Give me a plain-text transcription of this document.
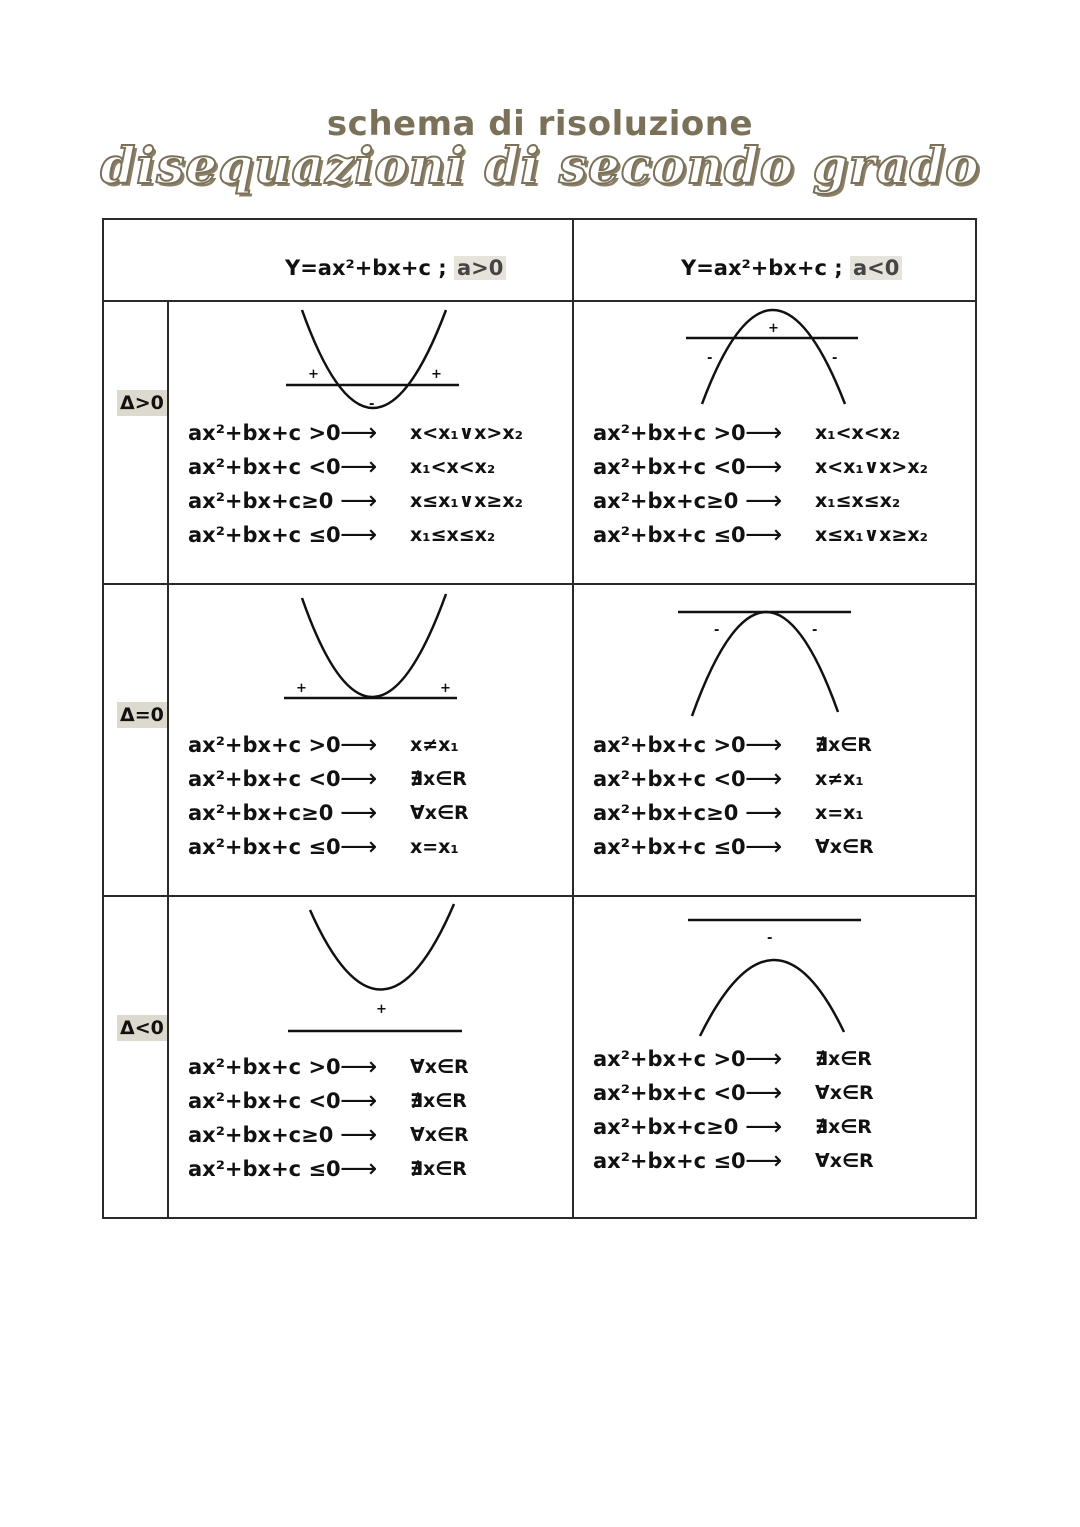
schema di risoluzione
disequazioni di secondo grado
Y=ax²+bx+c ; a>0	Y=ax²+bx+c ; a<0
Δ>0
+	+
-
ax²+bx+c >0 ⟶	x<x₁∨x>x₂
ax²+bx+c <0 ⟶	x₁<x<x₂
ax²+bx+c≥0 ⟶	x≤x₁∨x≥x₂
ax²+bx+c ≤0 ⟶	x₁≤x≤x₂
+
-	-
ax²+bx+c >0 ⟶	x₁<x<x₂
ax²+bx+c <0 ⟶	x<x₁∨x>x₂
ax²+bx+c≥0 ⟶	x₁≤x≤x₂
ax²+bx+c ≤0 ⟶	x≤x₁∨x≥x₂
Δ=0
+	+
ax²+bx+c >0 ⟶	x≠x₁
ax²+bx+c <0 ⟶	∄x∈R
ax²+bx+c≥0 ⟶	∀x∈R
ax²+bx+c ≤0 ⟶	x=x₁
-	-
ax²+bx+c >0 ⟶	∄x∈R
ax²+bx+c <0 ⟶	x≠x₁
ax²+bx+c≥0 ⟶	x=x₁
ax²+bx+c ≤0 ⟶	∀x∈R
Δ<0
+
ax²+bx+c >0 ⟶	∀x∈R
ax²+bx+c <0 ⟶	∄x∈R
ax²+bx+c≥0 ⟶	∀x∈R
ax²+bx+c ≤0 ⟶	∄x∈R
-
ax²+bx+c >0 ⟶	∄x∈R
ax²+bx+c <0 ⟶	∀x∈R
ax²+bx+c≥0 ⟶	∄x∈R
ax²+bx+c ≤0 ⟶	∀x∈R
